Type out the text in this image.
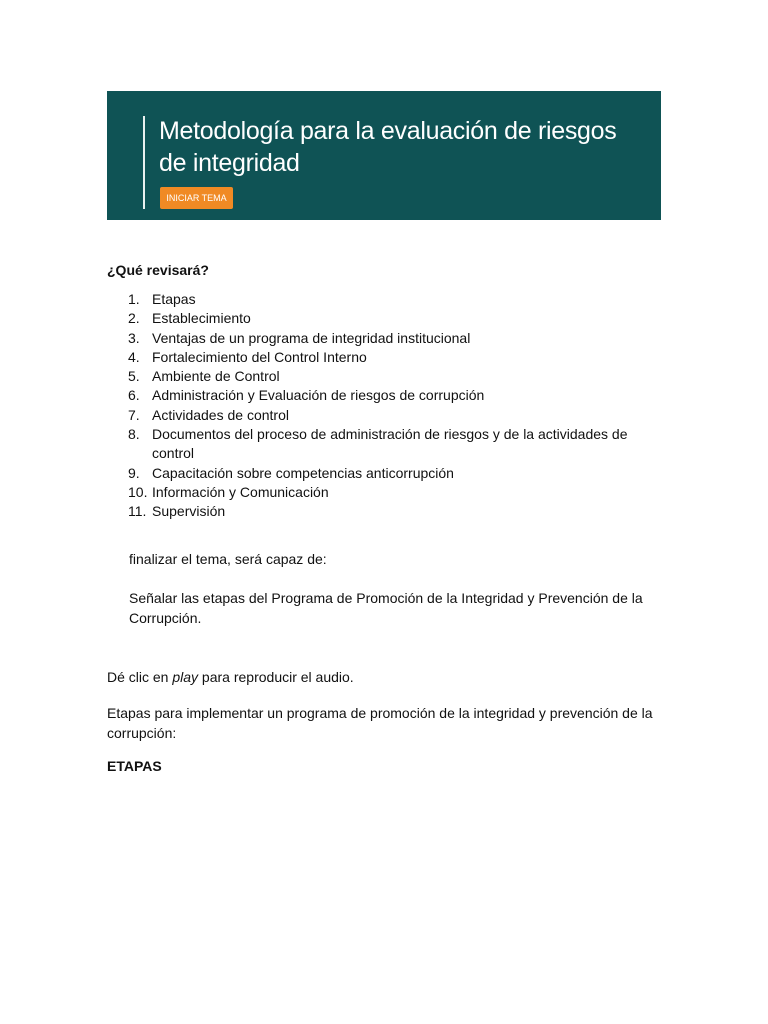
Metodología para la evaluación de riesgos de integridad
INICIAR TEMA

¿Qué revisará?

1. Etapas
2. Establecimiento
3. Ventajas de un programa de integridad institucional
4. Fortalecimiento del Control Interno
5. Ambiente de Control
6. Administración y Evaluación de riesgos de corrupción
7. Actividades de control
8. Documentos del proceso de administración de riesgos y de la actividades de control
9. Capacitación sobre competencias anticorrupción
10. Información y Comunicación
11. Supervisión

finalizar el tema, será capaz de:

Señalar las etapas del Programa de Promoción de la Integridad y Prevención de la Corrupción.

Dé clic en play para reproducir el audio.

Etapas para implementar un programa de promoción de la integridad y prevención de la corrupción:

ETAPAS
